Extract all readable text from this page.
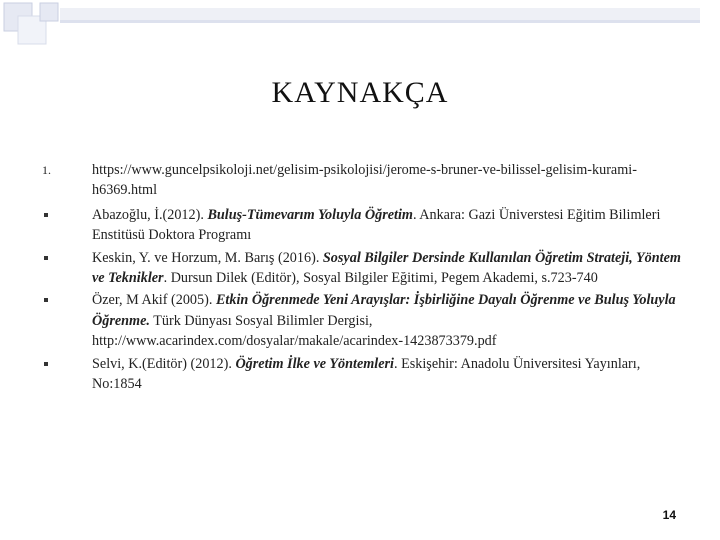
KAYNAKÇA
1.	https://www.guncelpsikoloji.net/gelisim-psikolojisi/jerome-s-bruner-ve-bilissel-gelisim-kurami-h6369.html
Abazoğlu, İ.(2012). Buluş-Tümevarım Yoluyla Öğretim. Ankara: Gazi Üniverstesi Eğitim Bilimleri Enstitüsü Doktora Programı
Keskin, Y. ve Horzum, M. Barış (2016). Sosyal Bilgiler Dersinde Kullanılan Öğretim Strateji, Yöntem ve Teknikler. Dursun Dilek (Editör), Sosyal Bilgiler Eğitimi, Pegem Akademi, s.723-740
Özer, M Akif (2005). Etkin Öğrenmede Yeni Arayışlar: İşbirliğine Dayalı Öğrenme ve Buluş Yoluyla Öğrenme. Türk Dünyası Sosyal Bilimler Dergisi, http://www.acarindex.com/dosyalar/makale/acarindex-1423873379.pdf
Selvi, K.(Editör) (2012). Öğretim İlke ve Yöntemleri. Eskişehir: Anadolu Üniversitesi Yayınları, No:1854
14
